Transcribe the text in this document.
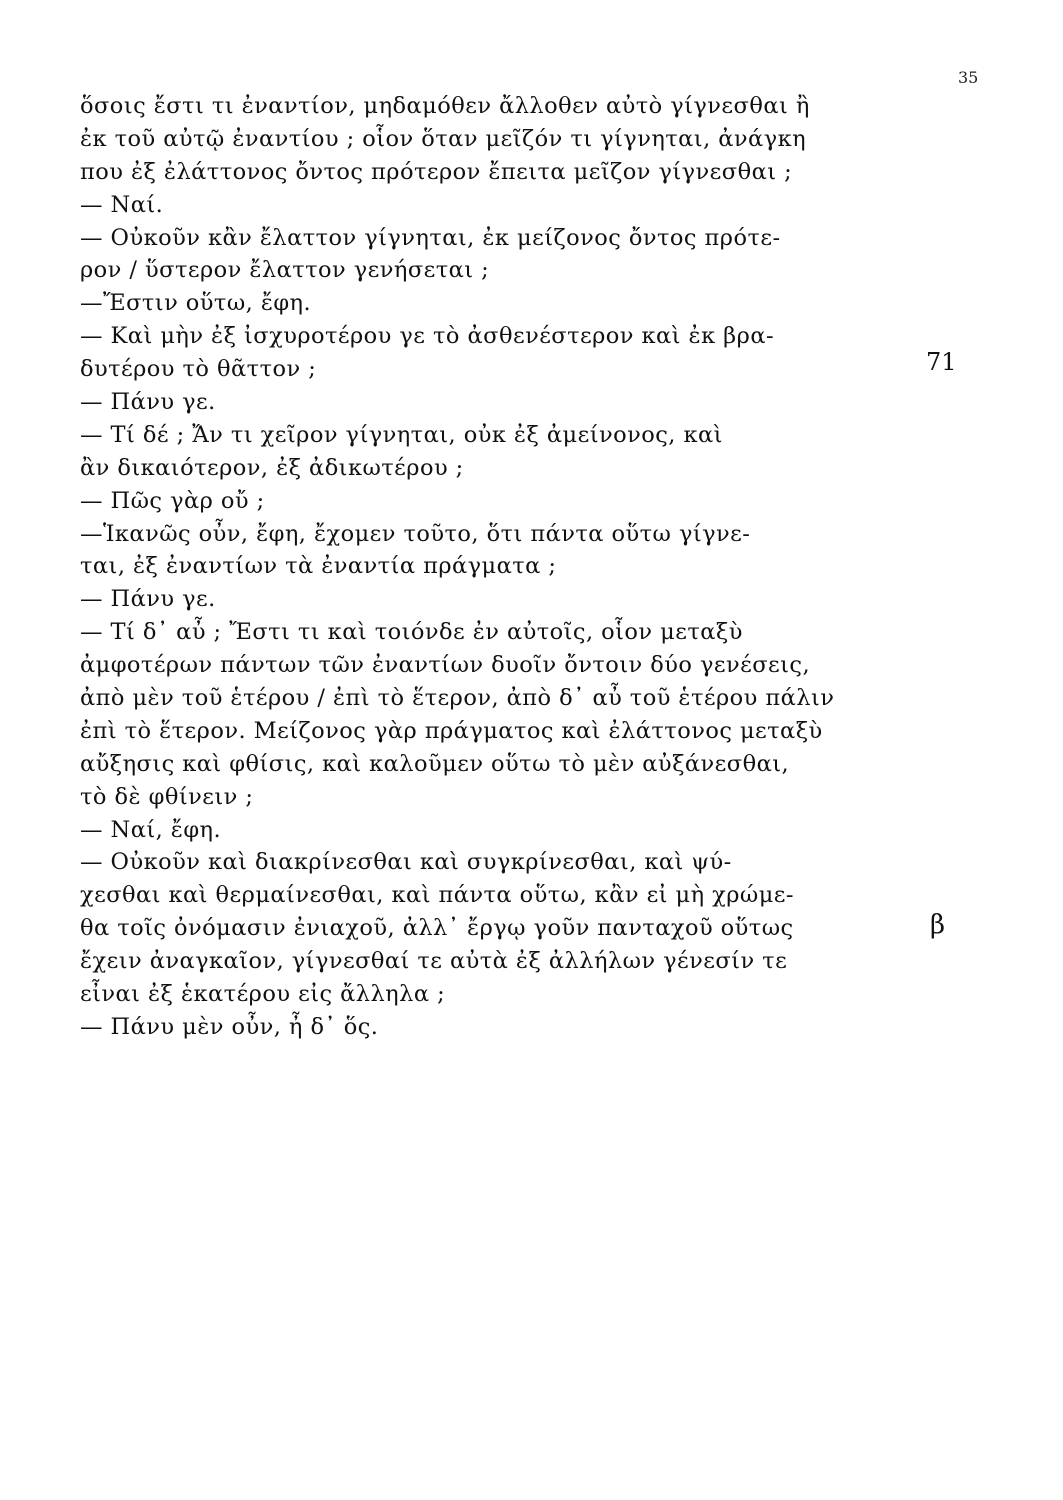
35
71
β
ὅσοις ἔστι τι ἐναντίον, μηδαμόθεν ἄλλοθεν αὐτὸ γίγνεσθαι ἢ
ἐκ τοῦ αὐτῷ ἐναντίου ; οἷον ὅταν μεῖζόν τι γίγνηται, ἀνάγκη
που ἐξ ἐλάττονος ὄντος πρότερον ἔπειτα μεῖζον γίγνεσθαι ;
— Ναί.
— Οὐκοῦν κἂν ἔλαττον γίγνηται, ἐκ μείζονος ὄντος πρότε-
ρον / ὕστερον ἔλαττον γενήσεται ;
—Ἔστιν οὕτω, ἔφη.
— Καὶ μὴν ἐξ ἰσχυροτέρου γε τὸ ἀσθενέστερον καὶ ἐκ βρα-
δυτέρου τὸ θᾶττον ;
— Πάνυ γε.
— Τί δέ ; Ἄν τι χεῖρον γίγνηται, οὐκ ἐξ ἀμείνονος, καὶ
ἂν δικαιότερον, ἐξ ἀδικωτέρου ;
— Πῶς γὰρ οὔ ;
—Ἱκανῶς οὖν, ἔφη, ἔχομεν τοῦτο, ὅτι πάντα οὕτω γίγνε-
ται, ἐξ ἐναντίων τὰ ἐναντία πράγματα ;
— Πάνυ γε.
— Τί δ᾽ αὖ ; Ἔστι τι καὶ τοιόνδε ἐν αὐτοῖς, οἷον μεταξὺ
ἀμφοτέρων πάντων τῶν ἐναντίων δυοῖν ὄντοιν δύο γενέσεις,
ἀπὸ μὲν τοῦ ἑτέρου / ἐπὶ τὸ ἕτερον, ἀπὸ δ᾽ αὖ τοῦ ἑτέρου πάλιν
ἐπὶ τὸ ἕτερον. Μείζονος γὰρ πράγματος καὶ ἐλάττονος μεταξὺ
αὔξησις καὶ φθίσις, καὶ καλοῦμεν οὕτω τὸ μὲν αὐξάνεσθαι,
τὸ δὲ φθίνειν ;
— Ναί, ἔφη.
— Οὐκοῦν καὶ διακρίνεσθαι καὶ συγκρίνεσθαι, καὶ ψύ-
χεσθαι καὶ θερμαίνεσθαι, καὶ πάντα οὕτω, κἂν εἰ μὴ χρώμε-
θα τοῖς ὀνόμασιν ἐνιαχοῦ, ἀλλ᾽ ἔργῳ γοῦν πανταχοῦ οὕτως
ἔχειν ἀναγκαῖον, γίγνεσθαί τε αὐτὰ ἐξ ἀλλήλων γένεσίν τε
εἶναι ἐξ ἑκατέρου εἰς ἄλληλα ;
— Πάνυ μὲν οὖν, ἦ δ᾽ ὅς.
